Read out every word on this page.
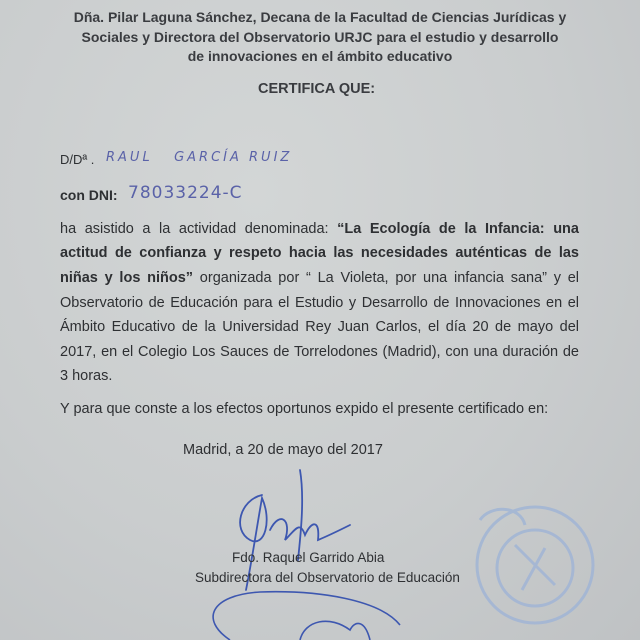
Dña. Pilar Laguna Sánchez, Decana de la Facultad de Ciencias Jurídicas y
Sociales y Directora del Observatorio URJC para el estudio y desarrollo
de innovaciones en el ámbito educativo
CERTIFICA QUE:
D/Dª . RAUL   GARCÍA RUIZ
con DNI: 78033224-C
ha asistido a la actividad denominada: “La Ecología de la Infancia: una
actitud de confianza y respeto hacia las necesidades auténticas de las
niñas y los niños” organizada por “ La Violeta, por una infancia sana” y el
Observatorio de Educación para el Estudio y Desarrollo de Innovaciones en el
Ámbito Educativo de la Universidad Rey Juan Carlos, el día 20 de mayo del
2017, en el Colegio Los Sauces de Torrelodones (Madrid), con una duración de
3 horas.
Y para que conste a los efectos oportunos expido el presente certificado en:
Madrid, a 20 de mayo del 2017
Fdo. Raquel Garrido Abia
Subdirectora del Observatorio de Educación
